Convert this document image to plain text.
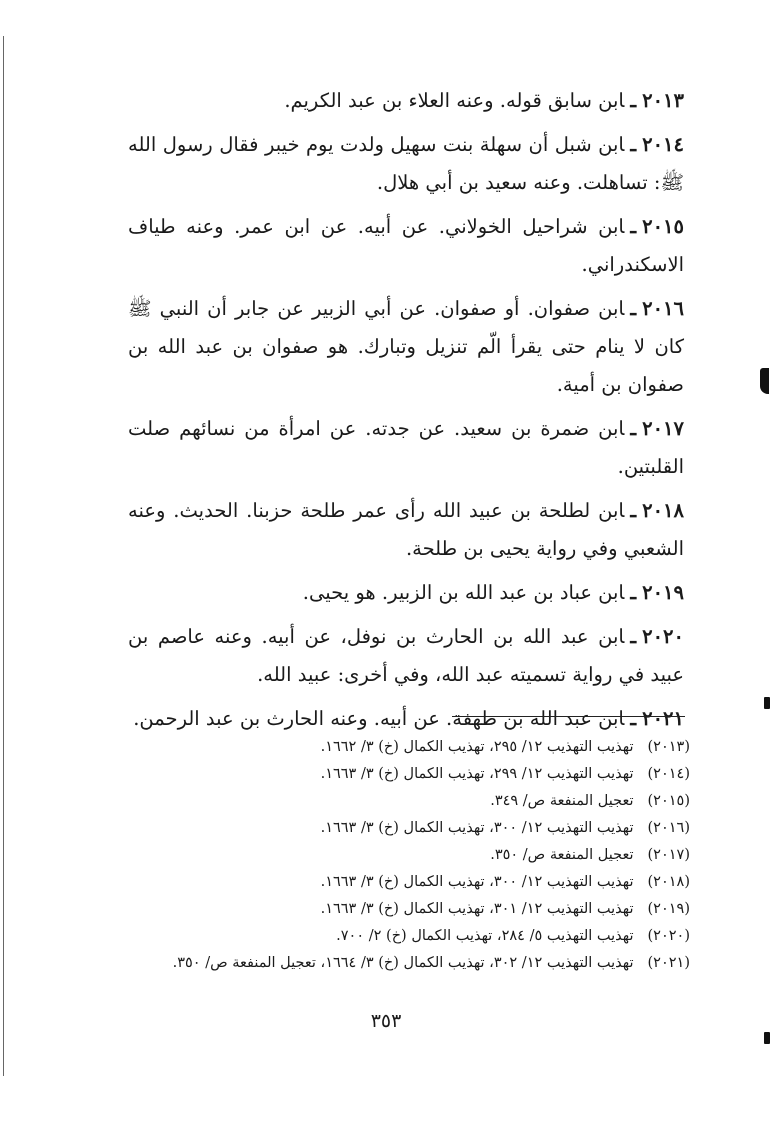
٢٠١٣ـابن سابق قوله. وعنه العلاء بن عبد الكريم.

٢٠١٤ـابن شبل أن سهلة بنت سهيل ولدت يوم خيبر فقال رسول الله ﷺ: تساهلت. وعنه سعيد بن أبي هلال.

٢٠١٥ـابن شراحيل الخولاني. عن أبيه. عن ابن عمر. وعنه طياف الاسكندراني.

٢٠١٦ـابن صفوان. أو صفوان. عن أبي الزبير عن جابر أن النبي ﷺ كان لا ينام حتى يقرأ الّم تنزيل وتبارك. هو صفوان بن عبد الله بن صفوان بن أمية.

٢٠١٧ـابن ضمرة بن سعيد. عن جدته. عن امرأة من نسائهم صلت القلبتين.

٢٠١٨ـابن لطلحة بن عبيد الله رأى عمر طلحة حزبنا. الحديث. وعنه الشعبي وفي رواية يحيى بن طلحة.

٢٠١٩ـابن عباد بن عبد الله بن الزبير. هو يحيى.

٢٠٢٠ـابن عبد الله بن الحارث بن نوفل، عن أبيه. وعنه عاصم بن عبيد في رواية تسميته عبد الله، وفي أخرى: عبيد الله.

٢٠٢١ـابن عبد الله بن طهفة. عن أبيه. وعنه الحارث بن عبد الرحمن.

(٢٠١٣)تهذيب التهذيب ١٢/ ٢٩٥، تهذيب الكمال (خ) ٣/ ١٦٦٢.

(٢٠١٤)تهذيب التهذيب ١٢/ ٢٩٩، تهذيب الكمال (خ) ٣/ ١٦٦٣.

(٢٠١٥)تعجيل المنفعة ص/ ٣٤٩.

(٢٠١٦)تهذيب التهذيب ١٢/ ٣٠٠، تهذيب الكمال (خ) ٣/ ١٦٦٣.

(٢٠١٧)تعجيل المنفعة ص/ ٣٥٠.

(٢٠١٨)تهذيب التهذيب ١٢/ ٣٠٠، تهذيب الكمال (خ) ٣/ ١٦٦٣.

(٢٠١٩)تهذيب التهذيب ١٢/ ٣٠١، تهذيب الكمال (خ) ٣/ ١٦٦٣.

(٢٠٢٠)تهذيب التهذيب ٥/ ٢٨٤، تهذيب الكمال (خ) ٢/ ٧٠٠.

(٢٠٢١)تهذيب التهذيب ١٢/ ٣٠٢، تهذيب الكمال (خ) ٣/ ١٦٦٤، تعجيل المنفعة ص/ ٣٥٠.

٣٥٣
